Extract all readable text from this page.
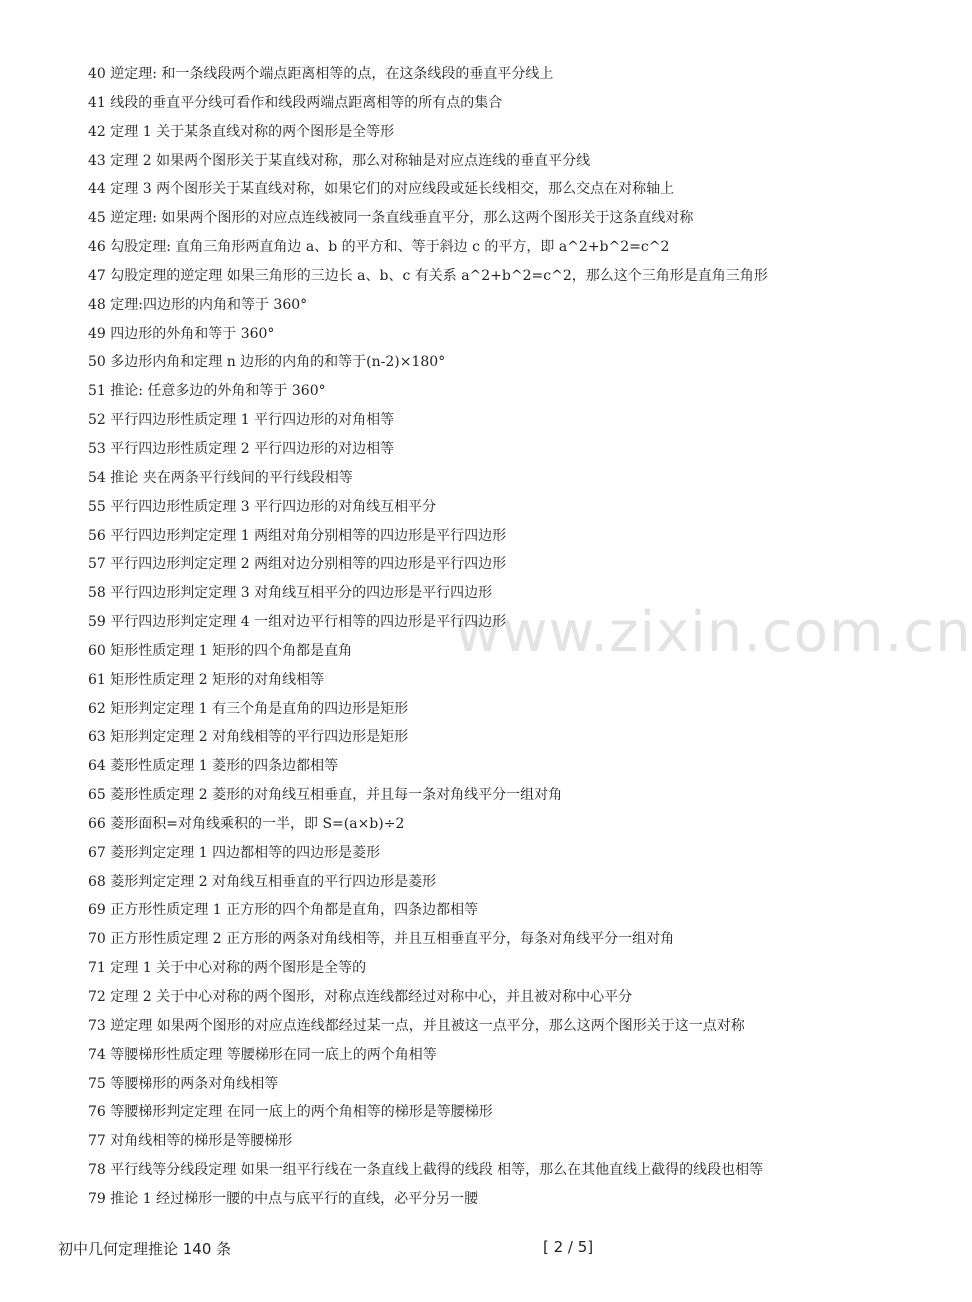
www.zixin.com.cn
40 逆定理: 和一条线段两个端点距离相等的点，在这条线段的垂直平分线上
41 线段的垂直平分线可看作和线段两端点距离相等的所有点的集合
42 定理 1 关于某条直线对称的两个图形是全等形
43 定理 2 如果两个图形关于某直线对称，那么对称轴是对应点连线的垂直平分线
44 定理 3 两个图形关于某直线对称，如果它们的对应线段或延长线相交，那么交点在对称轴上
45 逆定理: 如果两个图形的对应点连线被同一条直线垂直平分，那么这两个图形关于这条直线对称
46 勾股定理: 直角三角形两直角边 a、b 的平方和、等于斜边 c 的平方，即 a^2+b^2=c^2
47 勾股定理的逆定理 如果三角形的三边长 a、b、c 有关系 a^2+b^2=c^2，那么这个三角形是直角三角形
48 定理:四边形的内角和等于 360°
49 四边形的外角和等于 360°
50 多边形内角和定理 n 边形的内角的和等于(n-2)×180°
51 推论: 任意多边的外角和等于 360°
52 平行四边形性质定理 1 平行四边形的对角相等
53 平行四边形性质定理 2 平行四边形的对边相等
54 推论 夹在两条平行线间的平行线段相等
55 平行四边形性质定理 3 平行四边形的对角线互相平分
56 平行四边形判定定理 1 两组对角分别相等的四边形是平行四边形
57 平行四边形判定定理 2 两组对边分别相等的四边形是平行四边形
58 平行四边形判定定理 3 对角线互相平分的四边形是平行四边形
59 平行四边形判定定理 4 一组对边平行相等的四边形是平行四边形
60 矩形性质定理 1 矩形的四个角都是直角
61 矩形性质定理 2 矩形的对角线相等
62 矩形判定定理 1 有三个角是直角的四边形是矩形
63 矩形判定定理 2 对角线相等的平行四边形是矩形
64 菱形性质定理 1 菱形的四条边都相等
65 菱形性质定理 2 菱形的对角线互相垂直，并且每一条对角线平分一组对角
66 菱形面积=对角线乘积的一半，即 S=(a×b)÷2
67 菱形判定定理 1 四边都相等的四边形是菱形
68 菱形判定定理 2 对角线互相垂直的平行四边形是菱形
69 正方形性质定理 1 正方形的四个角都是直角，四条边都相等
70 正方形性质定理 2 正方形的两条对角线相等，并且互相垂直平分，每条对角线平分一组对角
71 定理 1 关于中心对称的两个图形是全等的
72 定理 2 关于中心对称的两个图形，对称点连线都经过对称中心，并且被对称中心平分
73 逆定理 如果两个图形的对应点连线都经过某一点，并且被这一点平分，那么这两个图形关于这一点对称
74 等腰梯形性质定理 等腰梯形在同一底上的两个角相等
75 等腰梯形的两条对角线相等
76 等腰梯形判定定理 在同一底上的两个角相等的梯形是等腰梯形
77 对角线相等的梯形是等腰梯形
78 平行线等分线段定理 如果一组平行线在一条直线上截得的线段 相等，那么在其他直线上截得的线段也相等
79 推论 1 经过梯形一腰的中点与底平行的直线，必平分另一腰
初中几何定理推论 140 条	[ 2 / 5]
